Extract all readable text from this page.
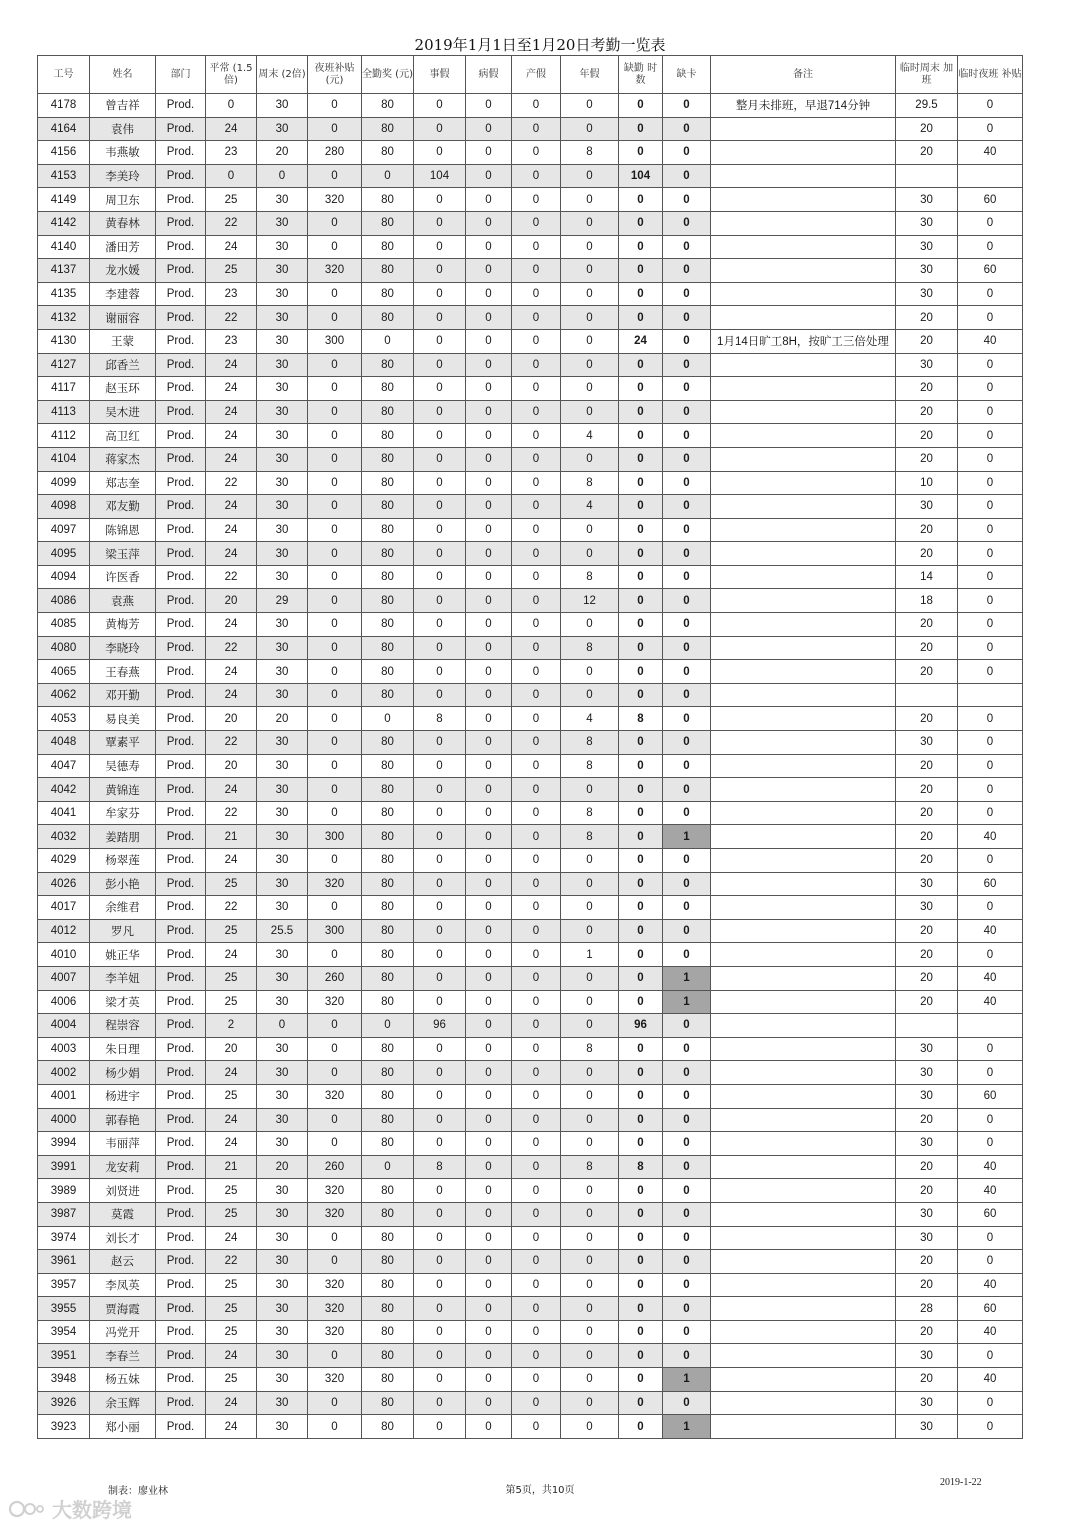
2019年1月1日至1月20日考勤一览表
工号	姓名	部门	平常 (1.5倍)	周末 (2倍)	夜班补贴 (元)	全勤奖 (元)	事假	病假	产假	年假	缺勤 时数	缺卡	备注	临时周末 加班	临时夜班 补贴
4178	曾吉祥	Prod.	0	30	0	80	0	0	0	0	0	0	整月未排班，早退714分钟	29.5	0
4164	袁伟	Prod.	24	30	0	80	0	0	0	0	0	0		20	0
4156	韦燕敏	Prod.	23	20	280	80	0	0	0	8	0	0		20	40
4153	李美玲	Prod.	0	0	0	0	104	0	0	0	104	0			
4149	周卫东	Prod.	25	30	320	80	0	0	0	0	0	0		30	60
4142	黄春林	Prod.	22	30	0	80	0	0	0	0	0	0		30	0
4140	潘田芳	Prod.	24	30	0	80	0	0	0	0	0	0		30	0
4137	龙水媛	Prod.	25	30	320	80	0	0	0	0	0	0		30	60
4135	李建蓉	Prod.	23	30	0	80	0	0	0	0	0	0		30	0
4132	谢丽容	Prod.	22	30	0	80	0	0	0	0	0	0		20	0
4130	王蒙	Prod.	23	30	300	0	0	0	0	0	24	0	1月14日旷工8H，按旷工三倍处理	20	40
4127	邱香兰	Prod.	24	30	0	80	0	0	0	0	0	0		30	0
4117	赵玉环	Prod.	24	30	0	80	0	0	0	0	0	0		20	0
4113	吴木进	Prod.	24	30	0	80	0	0	0	0	0	0		20	0
4112	高卫红	Prod.	24	30	0	80	0	0	0	4	0	0		20	0
4104	蒋家杰	Prod.	24	30	0	80	0	0	0	0	0	0		20	0
4099	郑志奎	Prod.	22	30	0	80	0	0	0	8	0	0		10	0
4098	邓友勤	Prod.	24	30	0	80	0	0	0	4	0	0		30	0
4097	陈锦恩	Prod.	24	30	0	80	0	0	0	0	0	0		20	0
4095	梁玉萍	Prod.	24	30	0	80	0	0	0	0	0	0		20	0
4094	许医香	Prod.	22	30	0	80	0	0	0	8	0	0		14	0
4086	袁燕	Prod.	20	29	0	80	0	0	0	12	0	0		18	0
4085	黄梅芳	Prod.	24	30	0	80	0	0	0	0	0	0		20	0
4080	李晓玲	Prod.	22	30	0	80	0	0	0	8	0	0		20	0
4065	王春燕	Prod.	24	30	0	80	0	0	0	0	0	0		20	0
4062	邓开勤	Prod.	24	30	0	80	0	0	0	0	0	0			
4053	易良美	Prod.	20	20	0	0	8	0	0	4	8	0		20	0
4048	覃素平	Prod.	22	30	0	80	0	0	0	8	0	0		30	0
4047	吴德寿	Prod.	20	30	0	80	0	0	0	8	0	0		20	0
4042	黄锦连	Prod.	24	30	0	80	0	0	0	0	0	0		20	0
4041	牟家芬	Prod.	22	30	0	80	0	0	0	8	0	0		20	0
4032	姜踏朋	Prod.	21	30	300	80	0	0	0	8	0	1		20	40
4029	杨翠莲	Prod.	24	30	0	80	0	0	0	0	0	0		20	0
4026	彭小艳	Prod.	25	30	320	80	0	0	0	0	0	0		30	60
4017	余维君	Prod.	22	30	0	80	0	0	0	0	0	0		30	0
4012	罗凡	Prod.	25	25.5	300	80	0	0	0	0	0	0		20	40
4010	姚正华	Prod.	24	30	0	80	0	0	0	1	0	0		20	0
4007	李羊妞	Prod.	25	30	260	80	0	0	0	0	0	1		20	40
4006	梁才英	Prod.	25	30	320	80	0	0	0	0	0	1		20	40
4004	程崇容	Prod.	2	0	0	0	96	0	0	0	96	0			
4003	朱日理	Prod.	20	30	0	80	0	0	0	8	0	0		30	0
4002	杨少娟	Prod.	24	30	0	80	0	0	0	0	0	0		30	0
4001	杨进宇	Prod.	25	30	320	80	0	0	0	0	0	0		30	60
4000	郭春艳	Prod.	24	30	0	80	0	0	0	0	0	0		20	0
3994	韦丽萍	Prod.	24	30	0	80	0	0	0	0	0	0		30	0
3991	龙安莉	Prod.	21	20	260	0	8	0	0	8	8	0		20	40
3989	刘贤进	Prod.	25	30	320	80	0	0	0	0	0	0		20	40
3987	莫霞	Prod.	25	30	320	80	0	0	0	0	0	0		30	60
3974	刘长才	Prod.	24	30	0	80	0	0	0	0	0	0		30	0
3961	赵云	Prod.	22	30	0	80	0	0	0	0	0	0		20	0
3957	李凤英	Prod.	25	30	320	80	0	0	0	0	0	0		20	40
3955	贾海霞	Prod.	25	30	320	80	0	0	0	0	0	0		28	60
3954	冯党开	Prod.	25	30	320	80	0	0	0	0	0	0		20	40
3951	李春兰	Prod.	24	30	0	80	0	0	0	0	0	0		30	0
3948	杨五妹	Prod.	25	30	320	80	0	0	0	0	0	1		20	40
3926	余玉辉	Prod.	24	30	0	80	0	0	0	0	0	0		30	0
3923	郑小丽	Prod.	24	30	0	80	0	0	0	0	0	1		30	0
制表：廖业林	第5页，共10页
2019-1-22
大数跨境
